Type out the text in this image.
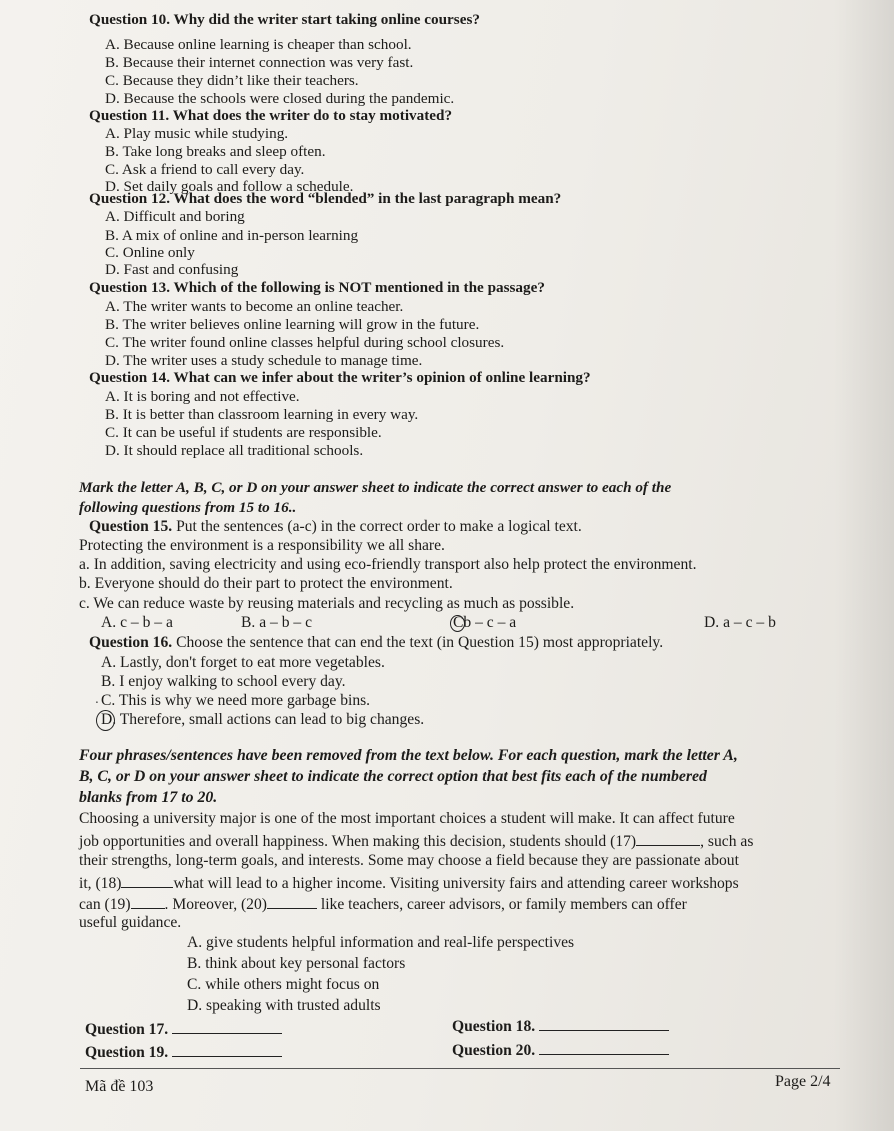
Question 10. Why did the writer start taking online courses?
A. Because online learning is cheaper than school.
B. Because their internet connection was very fast.
C. Because they didn’t like their teachers.
D. Because the schools were closed during the pandemic.
Question 11. What does the writer do to stay motivated?
A. Play music while studying.
B. Take long breaks and sleep often.
C. Ask a friend to call every day.
D. Set daily goals and follow a schedule.
Question 12. What does the word “blended” in the last paragraph mean?
A. Difficult and boring
B. A mix of online and in-person learning
C. Online only
D. Fast and confusing
Question 13. Which of the following is NOT mentioned in the passage?
A. The writer wants to become an online teacher.
B. The writer believes online learning will grow in the future.
C. The writer found online classes helpful during school closures.
D. The writer uses a study schedule to manage time.
Question 14. What can we infer about the writer’s opinion of online learning?
A. It is boring and not effective.
B. It is better than classroom learning in every way.
C. It can be useful if students are responsible.
D. It should replace all traditional schools.
Mark the letter A, B, C, or D on your answer sheet to indicate the correct answer to each of the
following questions from 15 to 16..
Question 15. Put the sentences (a-c) in the correct order to make a logical text.
Protecting the environment is a responsibility we all share.
a. In addition, saving electricity and using eco-friendly transport also help protect the environment.
b. Everyone should do their part to protect the environment.
c. We can reduce waste by reusing materials and recycling as much as possible.
A. c – b – a	B. a – b – c	Cb – c – a	D. a – c – b
Question 16. Choose the sentence that can end the text (in Question 15) most appropriately.
A. Lastly, don't forget to eat more vegetables.
B. I enjoy walking to school every day.
C. This is why we need more garbage bins.
D. Therefore, small actions can lead to big changes.
.
Four phrases/sentences have been removed from the text below. For each question, mark the letter A,
B, C, or D on your answer sheet to indicate the correct option that best fits each of the numbered
blanks from 17 to 20.
Choosing a university major is one of the most important choices a student will make. It can affect future
job opportunities and overall happiness. When making this decision, students should (17)	, such as
their strengths, long-term goals, and interests. Some may choose a field because they are passionate about
it, (18)	what will lead to a higher income. Visiting university fairs and attending career workshops
can (19) . Moreover, (20)	like teachers, career advisors, or family members can offer
useful guidance.
A. give students helpful information and real-life perspectives
B. think about key personal factors
C. while others might focus on
D. speaking with trusted adults
Question 17.	Question 18.
Question 19.	Question 20.
Mã đề 103	Page 2/4
